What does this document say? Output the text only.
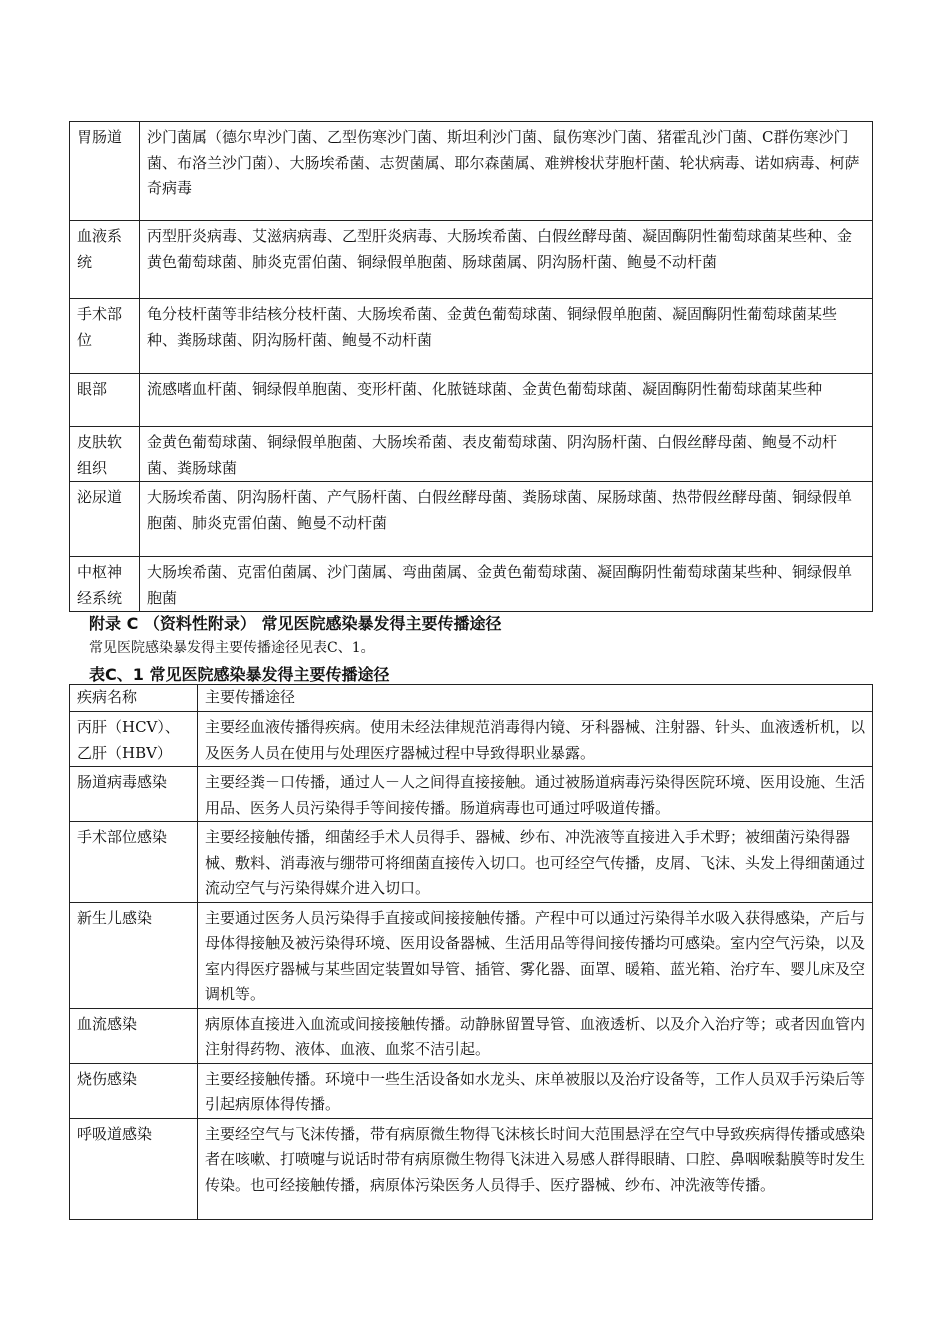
胃肠道	沙门菌属（德尔卑沙门菌、乙型伤寒沙门菌、斯坦利沙门菌、鼠伤寒沙门菌、猪霍乱沙门菌、C群伤寒沙门菌、布洛兰沙门菌）、大肠埃希菌、志贺菌属、耶尔森菌属、难辨梭状芽胞杆菌、轮状病毒、诺如病毒、柯萨奇病毒
血液系统	丙型肝炎病毒、艾滋病病毒、乙型肝炎病毒、大肠埃希菌、白假丝酵母菌、凝固酶阴性葡萄球菌某些种、金黄色葡萄球菌、肺炎克雷伯菌、铜绿假单胞菌、肠球菌属、阴沟肠杆菌、鲍曼不动杆菌
手术部位	龟分枝杆菌等非结核分枝杆菌、大肠埃希菌、金黄色葡萄球菌、铜绿假单胞菌、凝固酶阴性葡萄球菌某些种、粪肠球菌、阴沟肠杆菌、鲍曼不动杆菌
眼部	流感嗜血杆菌、铜绿假单胞菌、变形杆菌、化脓链球菌、金黄色葡萄球菌、凝固酶阴性葡萄球菌某些种
皮肤软组织	金黄色葡萄球菌、铜绿假单胞菌、大肠埃希菌、表皮葡萄球菌、阴沟肠杆菌、白假丝酵母菌、鲍曼不动杆菌、粪肠球菌
泌尿道	大肠埃希菌、阴沟肠杆菌、产气肠杆菌、白假丝酵母菌、粪肠球菌、屎肠球菌、热带假丝酵母菌、铜绿假单胞菌、肺炎克雷伯菌、鲍曼不动杆菌
中枢神经系统	大肠埃希菌、克雷伯菌属、沙门菌属、弯曲菌属、金黄色葡萄球菌、凝固酶阴性葡萄球菌某些种、铜绿假单胞菌
附录 C （资料性附录） 常见医院感染暴发得主要传播途径
常见医院感染暴发得主要传播途径见表C、1。
表C、1 常见医院感染暴发得主要传播途径
疾病名称	主要传播途径
丙肝（HCV）、乙肝（HBV）	主要经血液传播得疾病。使用未经法律规范消毒得内镜、牙科器械、注射器、针头、血液透析机，以及医务人员在使用与处理医疗器械过程中导致得职业暴露。
肠道病毒感染	主要经粪－口传播，通过人－人之间得直接接触。通过被肠道病毒污染得医院环境、医用设施、生活用品、医务人员污染得手等间接传播。肠道病毒也可通过呼吸道传播。
手术部位感染	主要经接触传播，细菌经手术人员得手、器械、纱布、冲洗液等直接进入手术野；被细菌污染得器械、敷料、消毒液与绷带可将细菌直接传入切口。也可经空气传播，皮屑、飞沫、头发上得细菌通过流动空气与污染得媒介进入切口。
新生儿感染	主要通过医务人员污染得手直接或间接接触传播。产程中可以通过污染得羊水吸入获得感染，产后与母体得接触及被污染得环境、医用设备器械、生活用品等得间接传播均可感染。室内空气污染，以及室内得医疗器械与某些固定装置如导管、插管、雾化器、面罩、暖箱、蓝光箱、治疗车、婴儿床及空调机等。
血流感染	病原体直接进入血流或间接接触传播。动静脉留置导管、血液透析、以及介入治疗等；或者因血管内注射得药物、液体、血液、血浆不洁引起。
烧伤感染	主要经接触传播。环境中一些生活设备如水龙头、床单被服以及治疗设备等，工作人员双手污染后等引起病原体得传播。
呼吸道感染	主要经空气与飞沫传播，带有病原微生物得飞沫核长时间大范围悬浮在空气中导致疾病得传播或感染者在咳嗽、打喷嚏与说话时带有病原微生物得飞沫进入易感人群得眼睛、口腔、鼻咽喉黏膜等时发生传染。也可经接触传播，病原体污染医务人员得手、医疗器械、纱布、冲洗液等传播。
